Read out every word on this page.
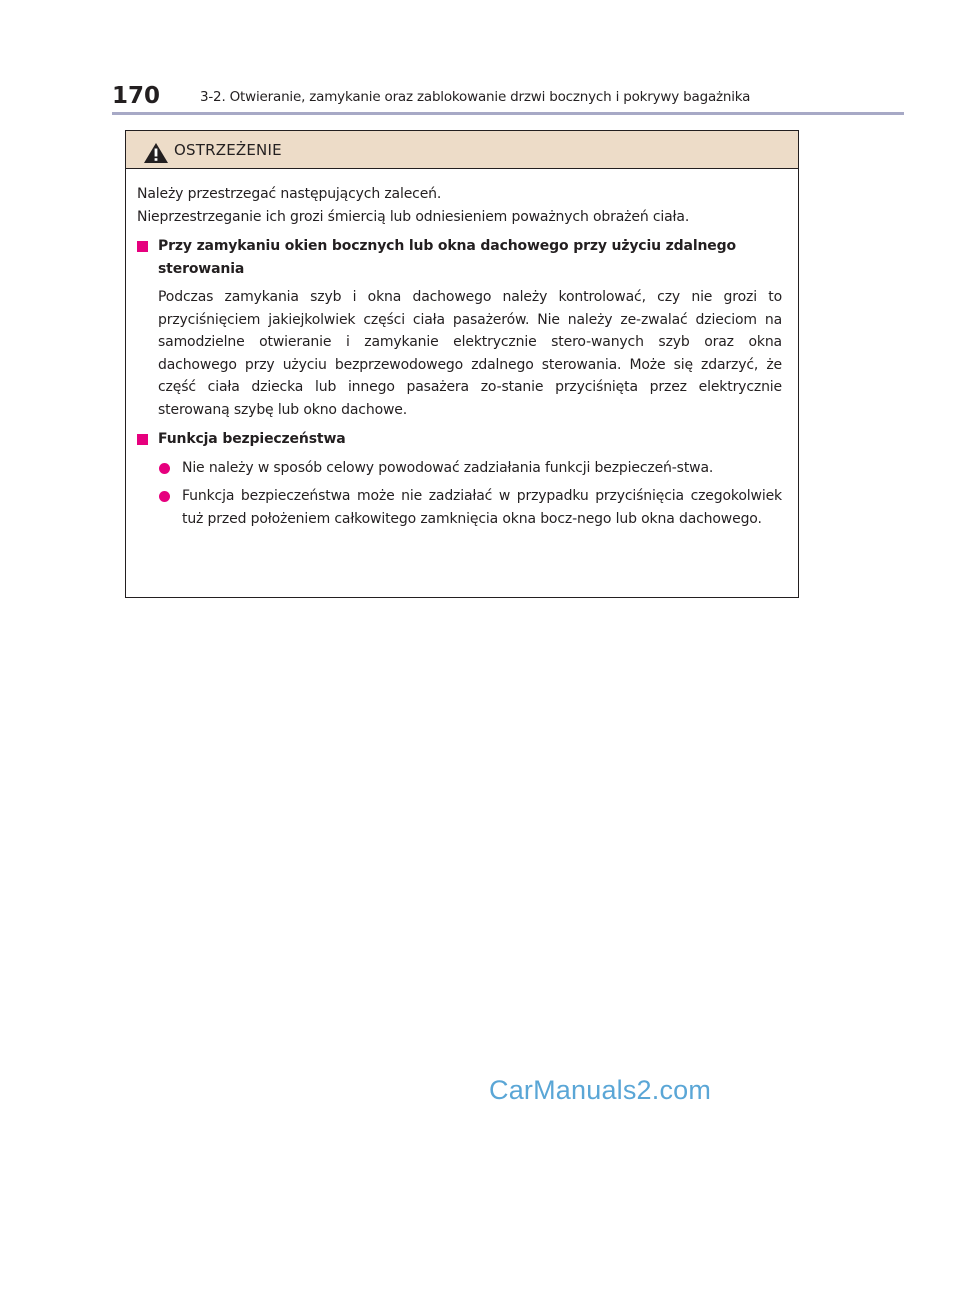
170	3-2. Otwieranie, zamykanie oraz zablokowanie drzwi bocznych i pokrywy bagażnika
OSTRZEŻENIE

Należy przestrzegać następujących zaleceń.

Nieprzestrzeganie ich grozi śmiercią lub odniesieniem poważnych obrażeń ciała.

Przy zamykaniu okien bocznych lub okna dachowego przy użyciu zdalnego sterowania

Podczas zamykania szyb i okna dachowego należy kontrolować, czy nie grozi to przyciśnięciem jakiejkolwiek części ciała pasażerów. Nie należy ze-zwalać dzieciom na samodzielne otwieranie i zamykanie elektrycznie stero-wanych szyb oraz okna dachowego przy użyciu bezprzewodowego zdalnego sterowania. Może się zdarzyć, że część ciała dziecka lub innego pasażera zo-stanie przyciśnięta przez elektrycznie sterowaną szybę lub okno dachowe.

Funkcja bezpieczeństwa

Nie należy w sposób celowy powodować zadziałania funkcji bezpieczeń-stwa.

Funkcja bezpieczeństwa może nie zadziałać w przypadku przyciśnięcia czegokolwiek tuż przed położeniem całkowitego zamknięcia okna bocz-nego lub okna dachowego.

CarManuals2.com
